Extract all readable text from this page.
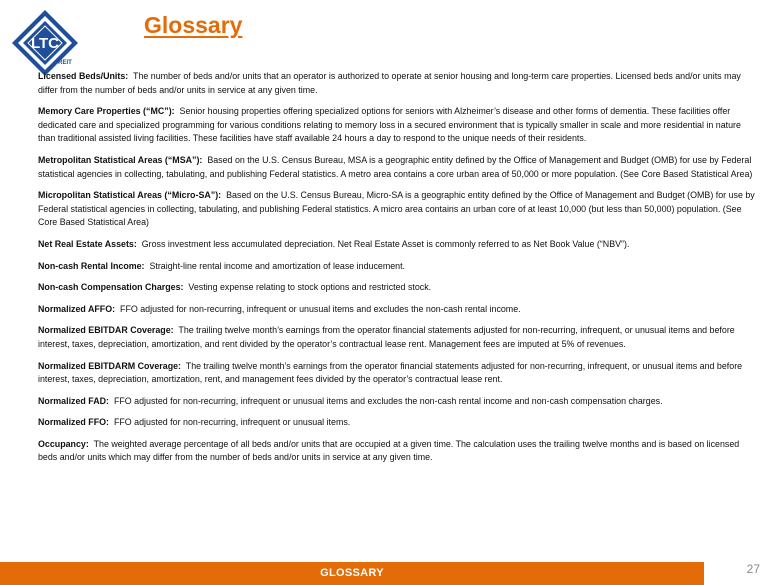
LTC
REIT
Glossary

Licensed Beds/Units: The number of beds and/or units that an operator is authorized to operate at senior housing and long-term care properties. Licensed beds and/or units may differ from the number of beds and/or units in service at any given time.

Memory Care Properties (“MC”): Senior housing properties offering specialized options for seniors with Alzheimer’s disease and other forms of dementia. These facilities offer dedicated care and specialized programming for various conditions relating to memory loss in a secured environment that is typically smaller in scale and more residential in nature than traditional assisted living facilities. These facilities have staff available 24 hours a day to respond to the unique needs of their residents.

Metropolitan Statistical Areas (“MSA”): Based on the U.S. Census Bureau, MSA is a geographic entity defined by the Office of Management and Budget (OMB) for use by Federal statistical agencies in collecting, tabulating, and publishing Federal statistics. A metro area contains a core urban area of 50,000 or more population. (See Core Based Statistical Area)

Micropolitan Statistical Areas (“Micro-SA”): Based on the U.S. Census Bureau, Micro-SA is a geographic entity defined by the Office of Management and Budget (OMB) for use by Federal statistical agencies in collecting, tabulating, and publishing Federal statistics. A micro area contains an urban core of at least 10,000 (but less than 50,000) population. (See Core Based Statistical Area)

Net Real Estate Assets: Gross investment less accumulated depreciation. Net Real Estate Asset is commonly referred to as Net Book Value (“NBV”).

Non-cash Rental Income: Straight-line rental income and amortization of lease inducement.

Non-cash Compensation Charges: Vesting expense relating to stock options and restricted stock.

Normalized AFFO: FFO adjusted for non-recurring, infrequent or unusual items and excludes the non-cash rental income.

Normalized EBITDAR Coverage: The trailing twelve month’s earnings from the operator financial statements adjusted for non-recurring, infrequent, or unusual items and before interest, taxes, depreciation, amortization, and rent divided by the operator’s contractual lease rent. Management fees are imputed at 5% of revenues.

Normalized EBITDARM Coverage: The trailing twelve month’s earnings from the operator financial statements adjusted for non-recurring, infrequent, or unusual items and before interest, taxes, depreciation, amortization, rent, and management fees divided by the operator’s contractual lease rent.

Normalized FAD: FFO adjusted for non-recurring, infrequent or unusual items and excludes the non-cash rental income and non-cash compensation charges.

Normalized FFO: FFO adjusted for non-recurring, infrequent or unusual items.

Occupancy: The weighted average percentage of all beds and/or units that are occupied at a given time. The calculation uses the trailing twelve months and is based on licensed beds and/or units which may differ from the number of beds and/or units in service at any given time.

GLOSSARY	27
